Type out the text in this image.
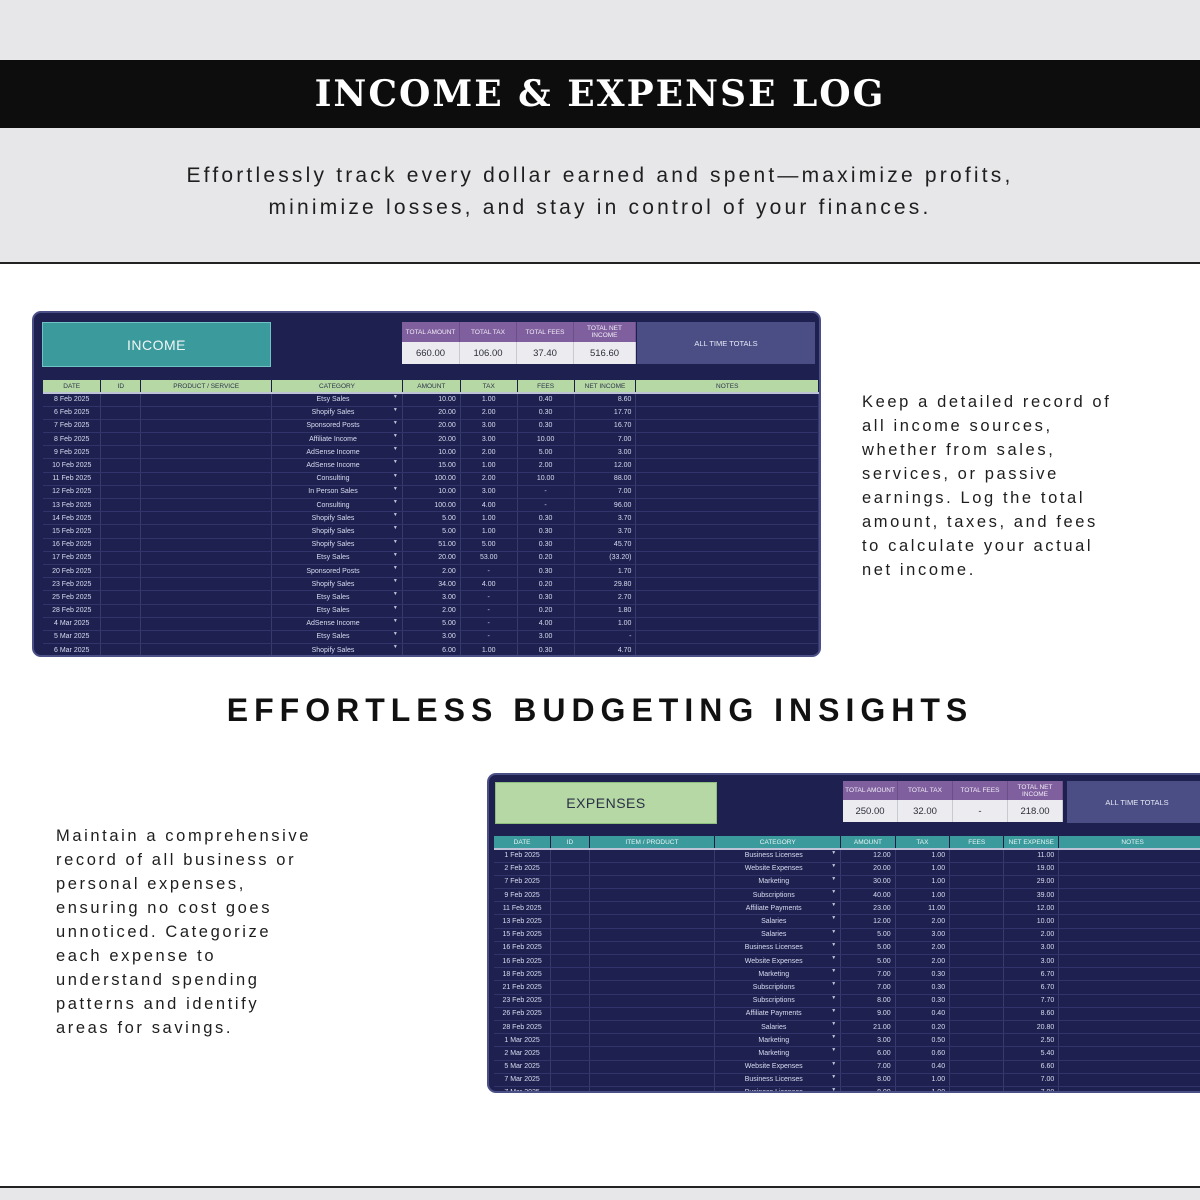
INCOME & EXPENSE LOG
Effortlessly track every dollar earned and spent—maximize profits,
minimize losses, and stay in control of your finances.
INCOME
TOTAL AMOUNT	TOTAL TAX	TOTAL FEES	TOTAL NET INCOME
660.00	106.00	37.40	516.60
ALL TIME TOTALS
DATE	ID	PRODUCT / SERVICE	CATEGORY	AMOUNT	TAX	FEES	NET INCOME	NOTES
8 Feb 2025			Etsy Sales ▼	10.00	1.00	0.40	8.60	
6 Feb 2025			Shopify Sales ▼	20.00	2.00	0.30	17.70	
7 Feb 2025			Sponsored Posts ▼	20.00	3.00	0.30	16.70	
8 Feb 2025			Affiliate Income ▼	20.00	3.00	10.00	7.00	
9 Feb 2025			AdSense Income ▼	10.00	2.00	5.00	3.00	
10 Feb 2025			AdSense Income ▼	15.00	1.00	2.00	12.00	
11 Feb 2025			Consulting ▼	100.00	2.00	10.00	88.00	
12 Feb 2025			In Person Sales ▼	10.00	3.00	-	7.00	
13 Feb 2025			Consulting ▼	100.00	4.00	-	96.00	
14 Feb 2025			Shopify Sales ▼	5.00	1.00	0.30	3.70	
15 Feb 2025			Shopify Sales ▼	5.00	1.00	0.30	3.70	
16 Feb 2025			Shopify Sales ▼	51.00	5.00	0.30	45.70	
17 Feb 2025			Etsy Sales ▼	20.00	53.00	0.20	(33.20)	
20 Feb 2025			Sponsored Posts ▼	2.00	-	0.30	1.70	
23 Feb 2025			Shopify Sales ▼	34.00	4.00	0.20	29.80	
25 Feb 2025			Etsy Sales ▼	3.00	-	0.30	2.70	
28 Feb 2025			Etsy Sales ▼	2.00	-	0.20	1.80	
4 Mar 2025			AdSense Income ▼	5.00	-	4.00	1.00	
5 Mar 2025			Etsy Sales ▼	3.00	-	3.00	-	
6 Mar 2025			Shopify Sales ▼	6.00	1.00	0.30	4.70	
Keep a detailed record of
all income sources,
whether from sales,
services, or passive
earnings. Log the total
amount, taxes, and fees
to calculate your actual
net income.
EFFORTLESS BUDGETING INSIGHTS
Maintain a comprehensive
record of all business or
personal expenses,
ensuring no cost goes
unnoticed. Categorize
each expense to
understand spending
patterns and identify
areas for savings.
EXPENSES
TOTAL AMOUNT	TOTAL TAX	TOTAL FEES	TOTAL NET INCOME
250.00	32.00	-	218.00
ALL TIME TOTALS
DATE	ID	ITEM / PRODUCT	CATEGORY	AMOUNT	TAX	FEES	NET EXPENSE	NOTES
1 Feb 2025			Business Licenses ▼	12.00	1.00		11.00	
2 Feb 2025			Website Expenses ▼	20.00	1.00		19.00	
7 Feb 2025			Marketing ▼	30.00	1.00		29.00	
9 Feb 2025			Subscriptions ▼	40.00	1.00		39.00	
11 Feb 2025			Affiliate Payments ▼	23.00	11.00		12.00	
13 Feb 2025			Salaries ▼	12.00	2.00		10.00	
15 Feb 2025			Salaries ▼	5.00	3.00		2.00	
16 Feb 2025			Business Licenses ▼	5.00	2.00		3.00	
16 Feb 2025			Website Expenses ▼	5.00	2.00		3.00	
18 Feb 2025			Marketing ▼	7.00	0.30		6.70	
21 Feb 2025			Subscriptions ▼	7.00	0.30		6.70	
23 Feb 2025			Subscriptions ▼	8.00	0.30		7.70	
26 Feb 2025			Affiliate Payments ▼	9.00	0.40		8.60	
28 Feb 2025			Salaries ▼	21.00	0.20		20.80	
1 Mar 2025			Marketing ▼	3.00	0.50		2.50	
2 Mar 2025			Marketing ▼	6.00	0.60		5.40	
5 Mar 2025			Website Expenses ▼	7.00	0.40		6.60	
7 Mar 2025			Business Licenses ▼	8.00	1.00		7.00	
7 Mar 2025			Business Licenses ▼	8.00	1.00		7.00	
